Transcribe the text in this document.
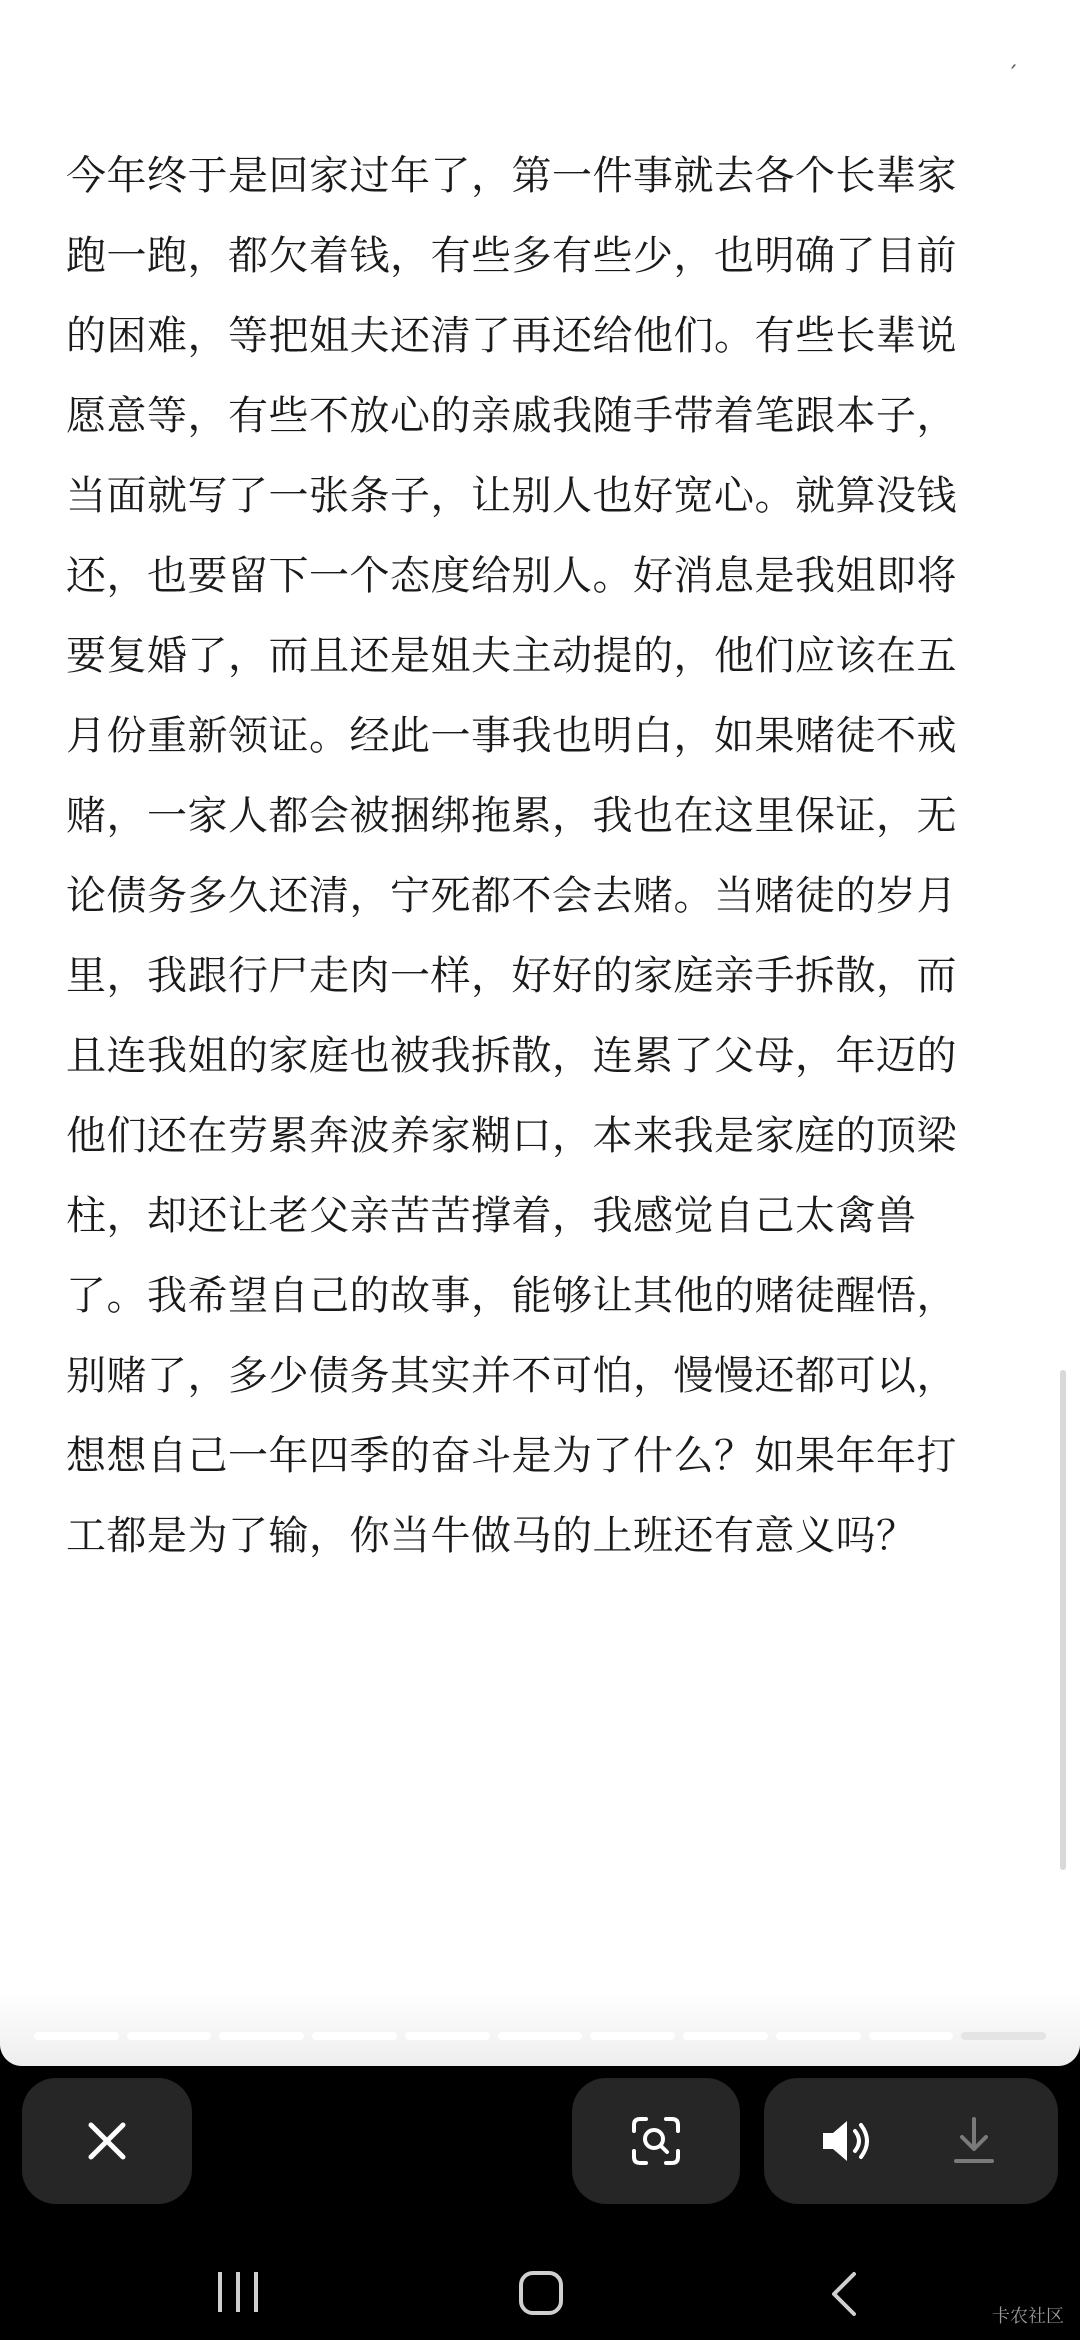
ˏ
今年终于是回家过年了，第一件事就去各个长辈家
跑一跑，都欠着钱，有些多有些少，也明确了目前
的困难，等把姐夫还清了再还给他们。有些长辈说
愿意等，有些不放心的亲戚我随手带着笔跟本子，
当面就写了一张条子，让别人也好宽心。就算没钱
还，也要留下一个态度给别人。好消息是我姐即将
要复婚了，而且还是姐夫主动提的，他们应该在五
月份重新领证。经此一事我也明白，如果赌徒不戒
赌，一家人都会被捆绑拖累，我也在这里保证，无
论债务多久还清，宁死都不会去赌。当赌徒的岁月
里，我跟行尸走肉一样，好好的家庭亲手拆散，而
且连我姐的家庭也被我拆散，连累了父母，年迈的
他们还在劳累奔波养家糊口，本来我是家庭的顶梁
柱，却还让老父亲苦苦撑着，我感觉自己太禽兽
了。我希望自己的故事，能够让其他的赌徒醒悟，
别赌了，多少债务其实并不可怕，慢慢还都可以，
想想自己一年四季的奋斗是为了什么？如果年年打
工都是为了输，你当牛做马的上班还有意义吗？
卡农社区
